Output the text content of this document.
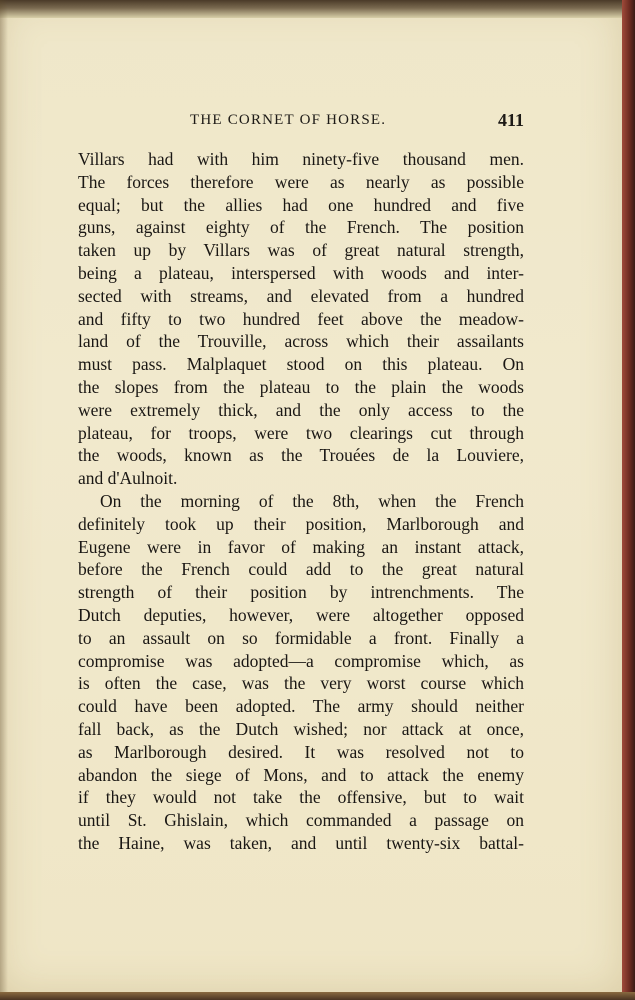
THE CORNET OF HORSE.	411
Villars had with him ninety-five thousand men.
The forces therefore were as nearly as possible
equal; but the allies had one hundred and five
guns, against eighty of the French. The position
taken up by Villars was of great natural strength,
being a plateau, interspersed with woods and inter-
sected with streams, and elevated from a hundred
and fifty to two hundred feet above the meadow-
land of the Trouville, across which their assailants
must pass. Malplaquet stood on this plateau. On
the slopes from the plateau to the plain the woods
were extremely thick, and the only access to the
plateau, for troops, were two clearings cut through
the woods, known as the Trouées de la Louviere,
and d'Aulnoit.
On the morning of the 8th, when the French
definitely took up their position, Marlborough and
Eugene were in favor of making an instant attack,
before the French could add to the great natural
strength of their position by intrenchments. The
Dutch deputies, however, were altogether opposed
to an assault on so formidable a front. Finally a
compromise was adopted—a compromise which, as
is often the case, was the very worst course which
could have been adopted. The army should neither
fall back, as the Dutch wished; nor attack at once,
as Marlborough desired. It was resolved not to
abandon the siege of Mons, and to attack the enemy
if they would not take the offensive, but to wait
until St. Ghislain, which commanded a passage on
the Haine, was taken, and until twenty-six battal-
